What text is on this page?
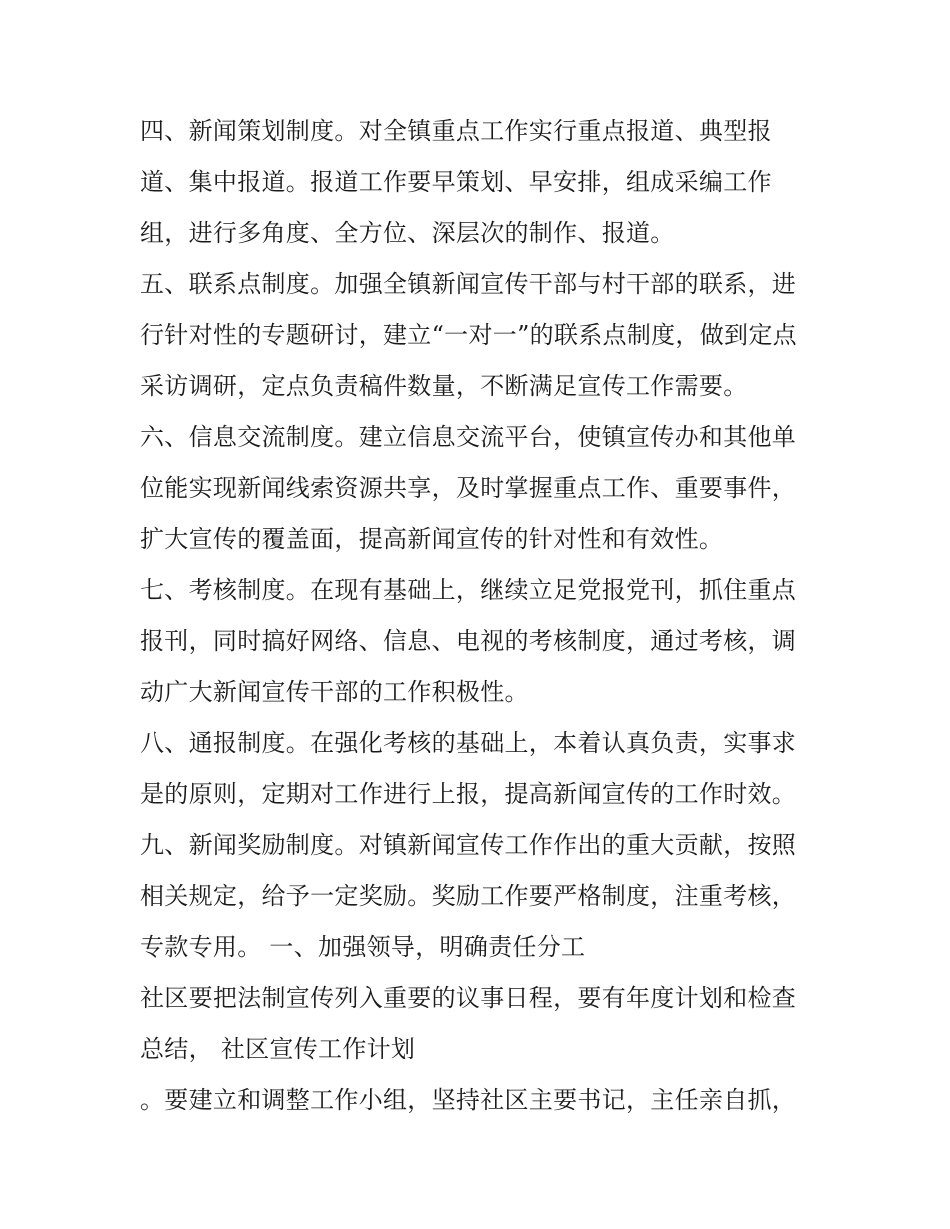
四、新闻策划制度。对全镇重点工作实行重点报道、典型报
道、集中报道。报道工作要早策划、早安排，组成采编工作
组，进行多角度、全方位、深层次的制作、报道。
五、联系点制度。加强全镇新闻宣传干部与村干部的联系，进
行针对性的专题研讨，建立“一对一”的联系点制度，做到定点
采访调研，定点负责稿件数量，不断满足宣传工作需要。
六、信息交流制度。建立信息交流平台，使镇宣传办和其他单
位能实现新闻线索资源共享，及时掌握重点工作、重要事件，
扩大宣传的覆盖面，提高新闻宣传的针对性和有效性。
七、考核制度。在现有基础上，继续立足党报党刊，抓住重点
报刊，同时搞好网络、信息、电视的考核制度，通过考核，调
动广大新闻宣传干部的工作积极性。
八、通报制度。在强化考核的基础上，本着认真负责，实事求
是的原则，定期对工作进行上报，提高新闻宣传的工作时效。
九、新闻奖励制度。对镇新闻宣传工作作出的重大贡献，按照
相关规定，给予一定奖励。奖励工作要严格制度，注重考核，
专款专用。 一、加强领导，明确责任分工
社区要把法制宣传列入重要的议事日程，要有年度计划和检查
总结， 社区宣传工作计划
。要建立和调整工作小组，坚持社区主要书记，主任亲自抓，
